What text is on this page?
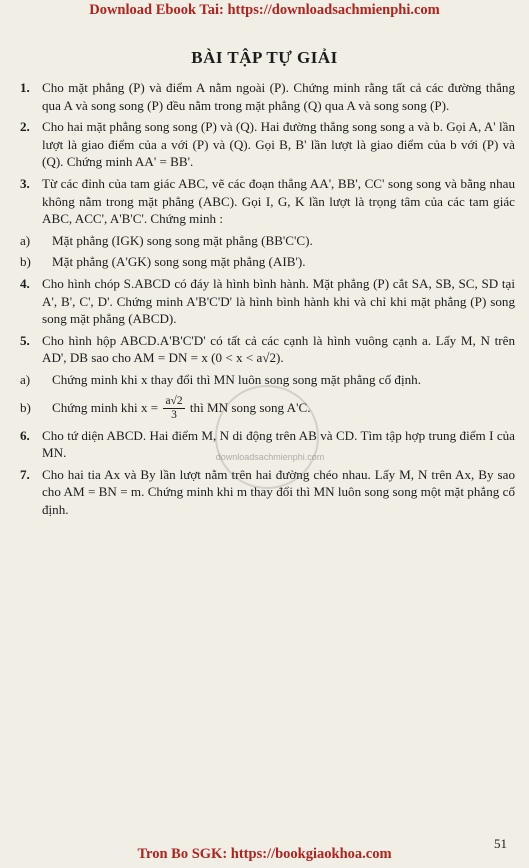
Download Ebook Tai: https://downloadsachmienphi.com
BÀI TẬP TỰ GIẢI
downloadsachmienphi.com
1. Cho mặt phẳng (P) và điểm A nằm ngoài (P). Chứng minh rằng tất cả các đường thẳng qua A và song song (P) đều nằm trong mặt phẳng (Q) qua A và song song (P).
2. Cho hai mặt phẳng song song (P) và (Q). Hai đường thẳng song song a và b. Gọi A, A' lần lượt là giao điểm của a với (P) và (Q). Gọi B, B' lần lượt là giao điểm của b với (P) và (Q). Chứng minh AA' = BB'.
3. Từ các đỉnh của tam giác ABC, vẽ các đoạn thẳng AA', BB', CC' song song và bằng nhau không nằm trong mặt phẳng (ABC). Gọi I, G, K lần lượt là trọng tâm của các tam giác ABC, ACC', A'B'C'. Chứng minh :
a) Mặt phẳng (IGK) song song mặt phẳng (BB'C'C).
b) Mặt phẳng (A'GK) song song mặt phẳng (AIB').
4. Cho hình chóp S.ABCD có đáy là hình bình hành. Mặt phẳng (P) cắt SA, SB, SC, SD tại A', B', C', D'. Chứng minh A'B'C'D' là hình bình hành khi và chỉ khi mặt phẳng (P) song song mặt phẳng (ABCD).
5. Cho hình hộp ABCD.A'B'C'D' có tất cả các cạnh là hình vuông cạnh a. Lấy M, N trên AD', DB sao cho AM = DN = x (0 < x < a√2).
a) Chứng minh khi x thay đổi thì MN luôn song song mặt phẳng cố định.
b) Chứng minh khi $x = \frac{a√2}{3}$ thì MN song song A'C.
6. Cho tứ diện ABCD. Hai điểm M, N di động trên AB và CD. Tìm tập hợp trung điểm I của MN.
7. Cho hai tia Ax và By lần lượt nằm trên hai đường chéo nhau. Lấy M, N trên Ax, By sao cho AM = BN = m. Chứng minh khi m thay đổi thì MN luôn song song một mặt phẳng cố định.
51
Tron Bo SGK: https://bookgiaokhoa.com
